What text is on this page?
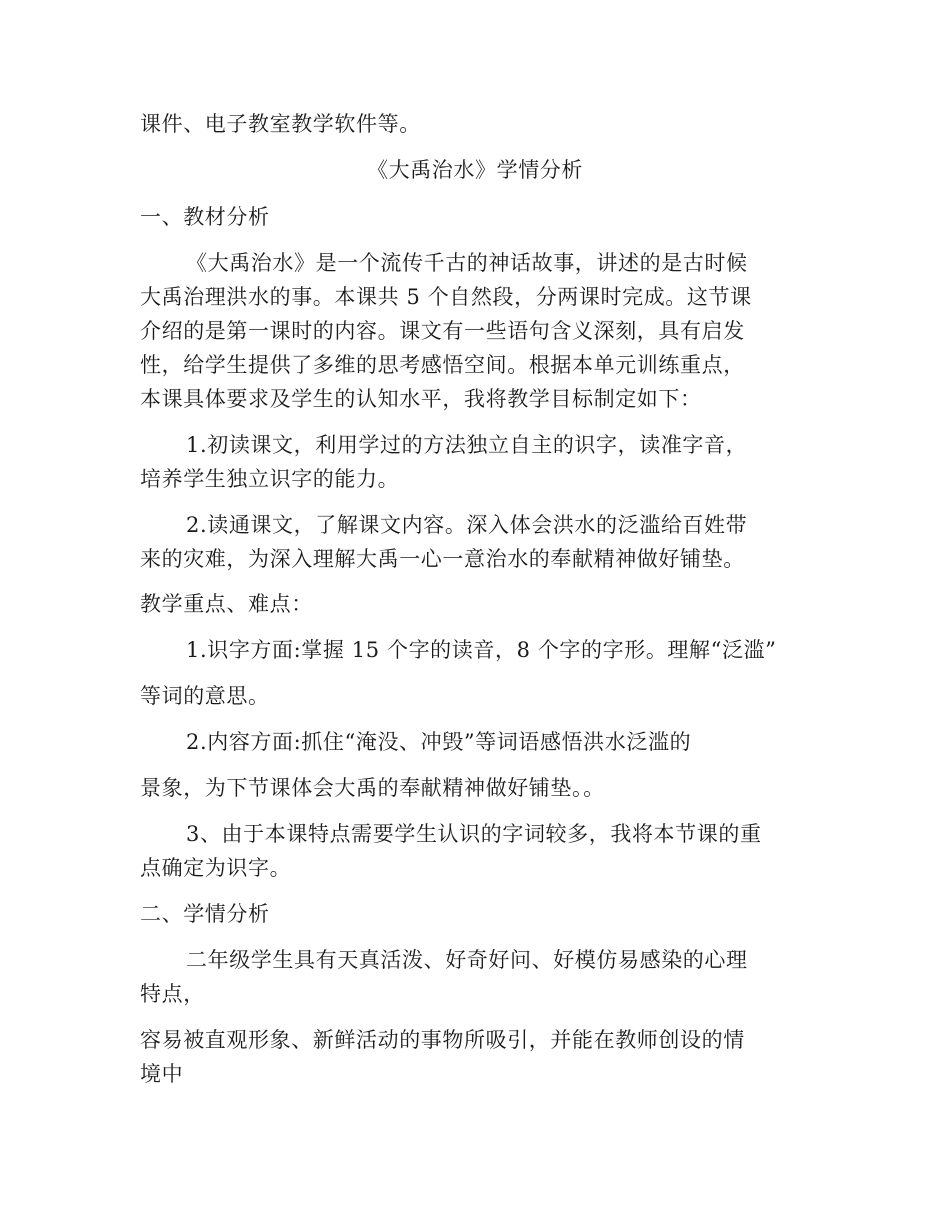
课件、电子教室教学软件等。

《大禹治水》学情分析

一、教材分析

《大禹治水》是一个流传千古的神话故事，讲述的是古时候

大禹治理洪水的事。本课共 5 个自然段，分两课时完成。这节课

介绍的是第一课时的内容。课文有一些语句含义深刻，具有启发

性，给学生提供了多维的思考感悟空间。根据本单元训练重点，

本课具体要求及学生的认知水平，我将教学目标制定如下：

1.初读课文，利用学过的方法独立自主的识字，读准字音，

培养学生独立识字的能力。

2.读通课文，了解课文内容。深入体会洪水的泛滥给百姓带

来的灾难，为深入理解大禹一心一意治水的奉献精神做好铺垫。

教学重点、难点：

1.识字方面:掌握 15 个字的读音，8 个字的字形。理解“泛滥”

等词的意思。

2.内容方面:抓住“淹没、冲毁”等词语感悟洪水泛滥的

景象，为下节课体会大禹的奉献精神做好铺垫。。

3、由于本课特点需要学生认识的字词较多，我将本节课的重

点确定为识字。

二、学情分析

二年级学生具有天真活泼、好奇好问、好模仿易感染的心理

特点，

容易被直观形象、新鲜活动的事物所吸引，并能在教师创设的情

境中
